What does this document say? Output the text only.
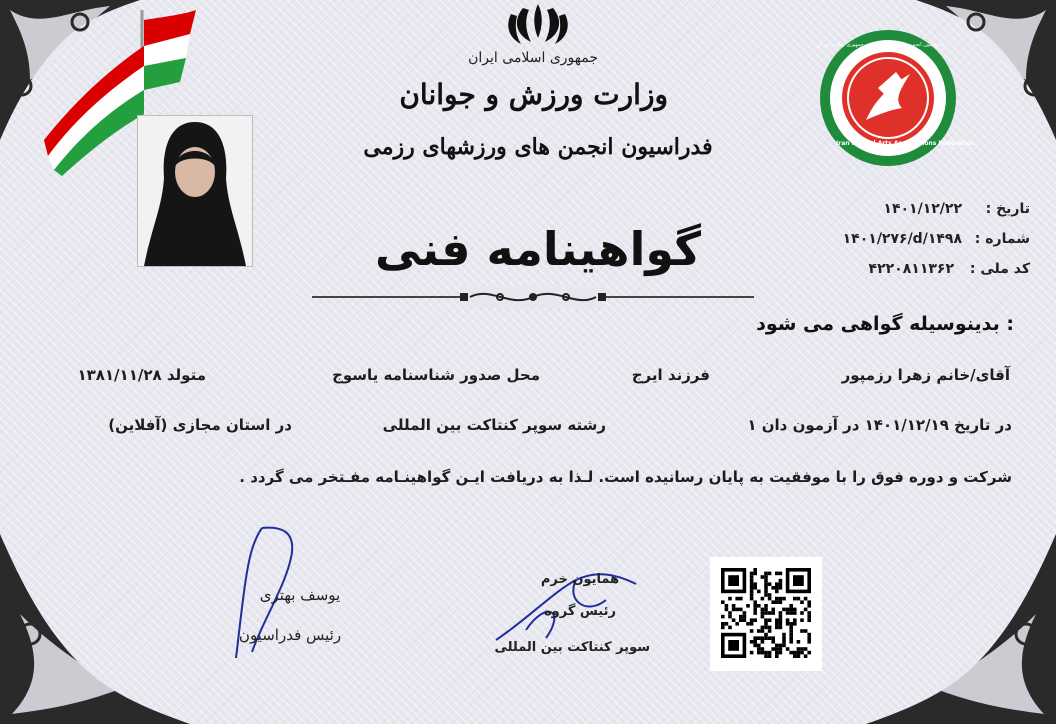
جمهوری اسلامی ایران
وزارت ورزش و جوانان
فدراسیون انجمن های ورزشهای رزمی	Iran Martial Arts Associations Federation
فدراسیون انجمن های ورزشهای رزمی جمهوری اسلامی ایران
تاریخ :
۱۴۰۱/۱۲/۲۲
شماره :
۱۴۰۱/۲۷۶/d/۱۴۹۸
کد ملی :
۴۲۲۰۸۱۱۳۶۲
گواهینامه فنی
: بدینوسیله گواهی می شود
آقای/خانم زهرا رزمپور
فرزند ایرج
محل صدور شناسنامه یاسوج
متولد ۱۳۸۱/۱۱/۲۸
در تاریخ ۱۴۰۱/۱۲/۱۹ در آزمون دان ۱
رشته سوپر کنتاکت بین المللی
در استان مجازی (آفلاین)
شرکت و دوره فوق را با موفقیت به پایان رسانیده است. لـذا به دریافت ایـن گواهینـامه مفـتخر می گردد .
یوسف بهتری
رئیس فدراسیون
همایون خرم
رئیس گروه
سوپر کنتاکت بین المللی
